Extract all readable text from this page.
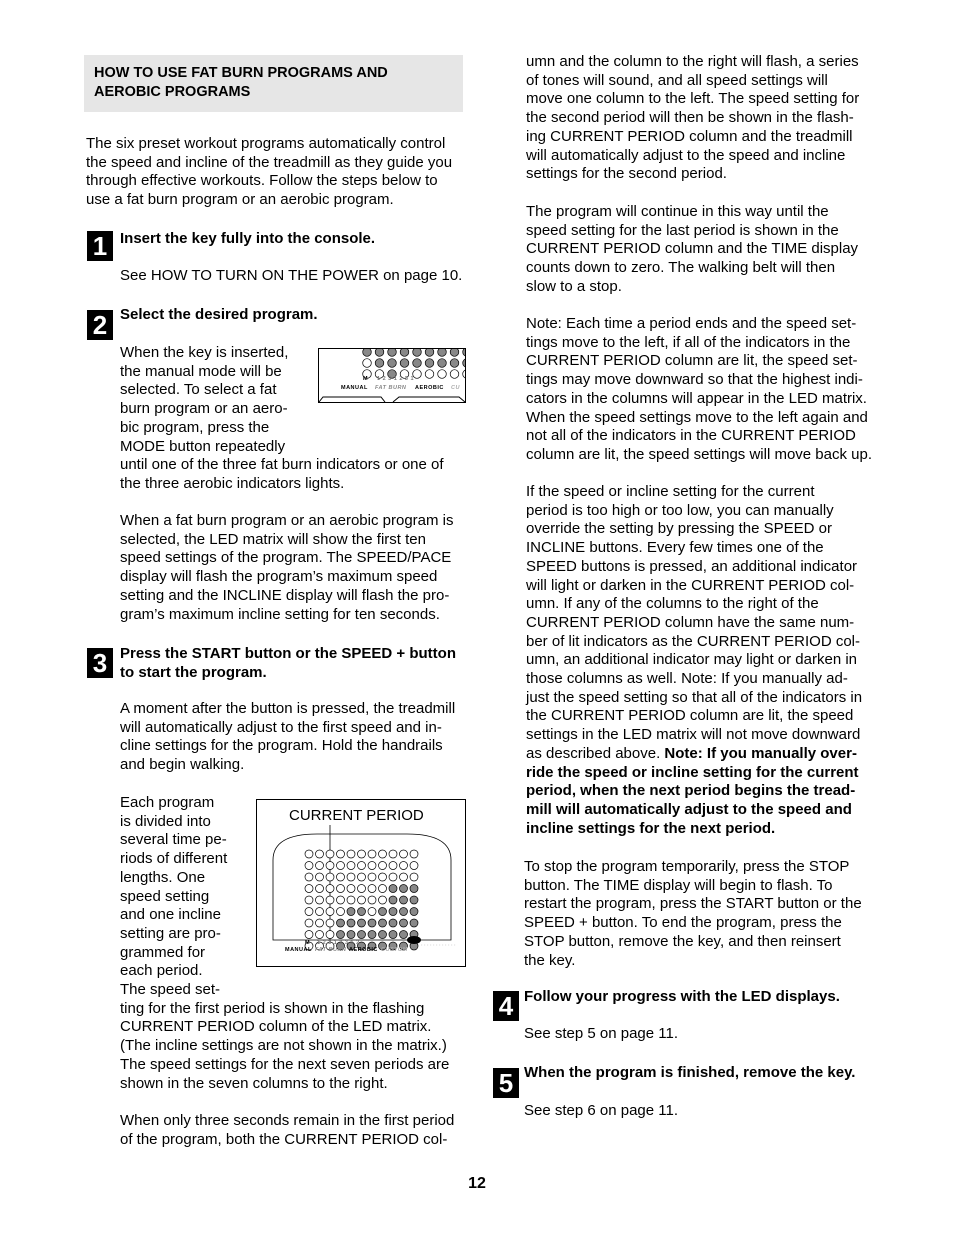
HOW TO USE FAT BURN PROGRAMS AND
AEROBIC PROGRAMS

The six preset workout programs automatically control

the speed and incline of the treadmill as they guide you

through effective workouts. Follow the steps below to

use a fat burn program or an aerobic program.

1 Insert the key fully into the console.

See HOW TO TURN ON THE POWER on page 10.

2 Select the desired program.

When the key is inserted,

the manual mode will be

selected. To select a fat

burn program or an aero-

bic program, press the

MODE button repeatedly

until one of the three fat burn indicators or one of

the three aerobic indicators lights.

M 1 2 3 1 2 3 1
MANUAL FAT BURN AEROBIC CU

When a fat burn program or an aerobic program is

selected, the LED matrix will show the first ten

speed settings of the program. The SPEED/PACE

display will flash the program’s maximum speed

setting and the INCLINE display will flash the pro-

gram’s maximum incline setting for ten seconds.

3 Press the START button or the SPEED + button

to start the program.

A moment after the button is pressed, the treadmill

will automatically adjust to the first speed and in-

cline settings for the program. Hold the handrails

and begin walking.

Each program

is divided into

several time pe-

riods of different

lengths. One

speed setting

and one incline

setting are pro-

grammed for

each period.

The speed set-

ting for the first period is shown in the flashing

CURRENT PERIOD column of the LED matrix.

(The incline settings are not shown in the matrix.)

The speed settings for the next seven periods are

shown in the seven columns to the right.

When only three seconds remain in the first period

of the program, both the CURRENT PERIOD col-

CURRENT PERIOD
M 1 2 3 1 2 3 1 2
MANUAL FAT BURN AEROBIC CUSTOM

umn and the column to the right will flash, a series

of tones will sound, and all speed settings will

move one column to the left. The speed setting for

the second period will then be shown in the flash-

ing CURRENT PERIOD column and the treadmill

will automatically adjust to the speed and incline

settings for the second period.

The program will continue in this way until the

speed setting for the last period is shown in the

CURRENT PERIOD column and the TIME display

counts down to zero. The walking belt will then

slow to a stop.

Note: Each time a period ends and the speed set-

tings move to the left, if all of the indicators in the

CURRENT PERIOD column are lit, the speed set-

tings may move downward so that the highest indi-

cators in the columns will appear in the LED matrix.

When the speed settings move to the left again and

not all of the indicators in the CURRENT PERIOD

column are lit, the speed settings will move back up.

If the speed or incline setting for the current

period is too high or too low, you can manually

override the setting by pressing the SPEED or

INCLINE buttons. Every few times one of the

SPEED buttons is pressed, an additional indicator

will light or darken in the CURRENT PERIOD col-

umn. If any of the columns to the right of the

CURRENT PERIOD column have the same num-

ber of lit indicators as the CURRENT PERIOD col-

umn, an additional indicator may light or darken in

those columns as well. Note: If you manually ad-

just the speed setting so that all of the indicators in

the CURRENT PERIOD column are lit, the speed

settings in the LED matrix will not move downward

as described above. Note: If you manually over-

ride the speed or incline setting for the current

period, when the next period begins the tread-

mill will automatically adjust to the speed and

incline settings for the next period.

To stop the program temporarily, press the STOP

button. The TIME display will begin to flash. To

restart the program, press the START button or the

SPEED + button. To end the program, press the

STOP button, remove the key, and then reinsert

the key.

4 Follow your progress with the LED displays.

See step 5 on page 11.

5 When the program is finished, remove the key.

See step 6 on page 11.

12
